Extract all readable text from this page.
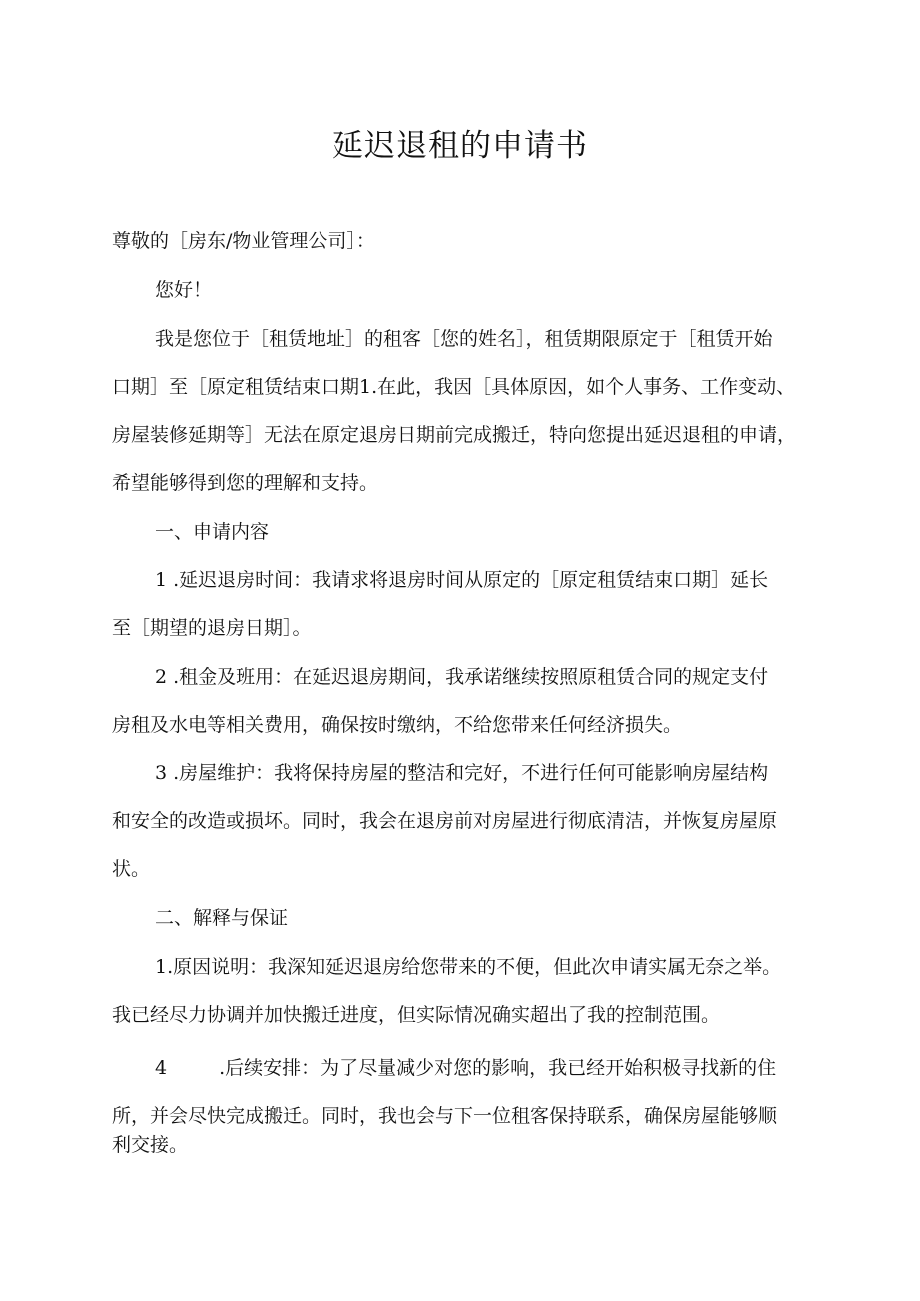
延迟退租的申请书

尊敬的［房东/物业管理公司］：

您好！

我是您位于［租赁地址］的租客［您的姓名］，租赁期限原定于［租赁开始

口期］至［原定租赁结束口期1.在此，我因［具体原因，如个人事务、工作变动、

房屋装修延期等］无法在原定退房日期前完成搬迁，特向您提出延迟退租的申请，

希望能够得到您的理解和支持。

一、申请内容

1 .延迟退房时间：我请求将退房时间从原定的［原定租赁结束口期］延长

至［期望的退房日期］。

2 .租金及班用：在延迟退房期间，我承诺继续按照原租赁合同的规定支付

房租及水电等相关费用，确保按时缴纳，不给您带来任何经济损失。

3 .房屋维护：我将保持房屋的整洁和完好，不进行任何可能影响房屋结构

和安全的改造或损坏。同时，我会在退房前对房屋进行彻底清洁，并恢复房屋原

状。

二、解释与保证

1.原因说明：我深知延迟退房给您带来的不便，但此次申请实属无奈之举。

我已经尽力协调并加快搬迁进度，但实际情况确实超出了我的控制范围。

4	.后续安排：为了尽量减少对您的影响，我已经开始积极寻找新的住

所，并会尽快完成搬迁。同时，我也会与下一位租客保持联系，确保房屋能够顺

利交接。
